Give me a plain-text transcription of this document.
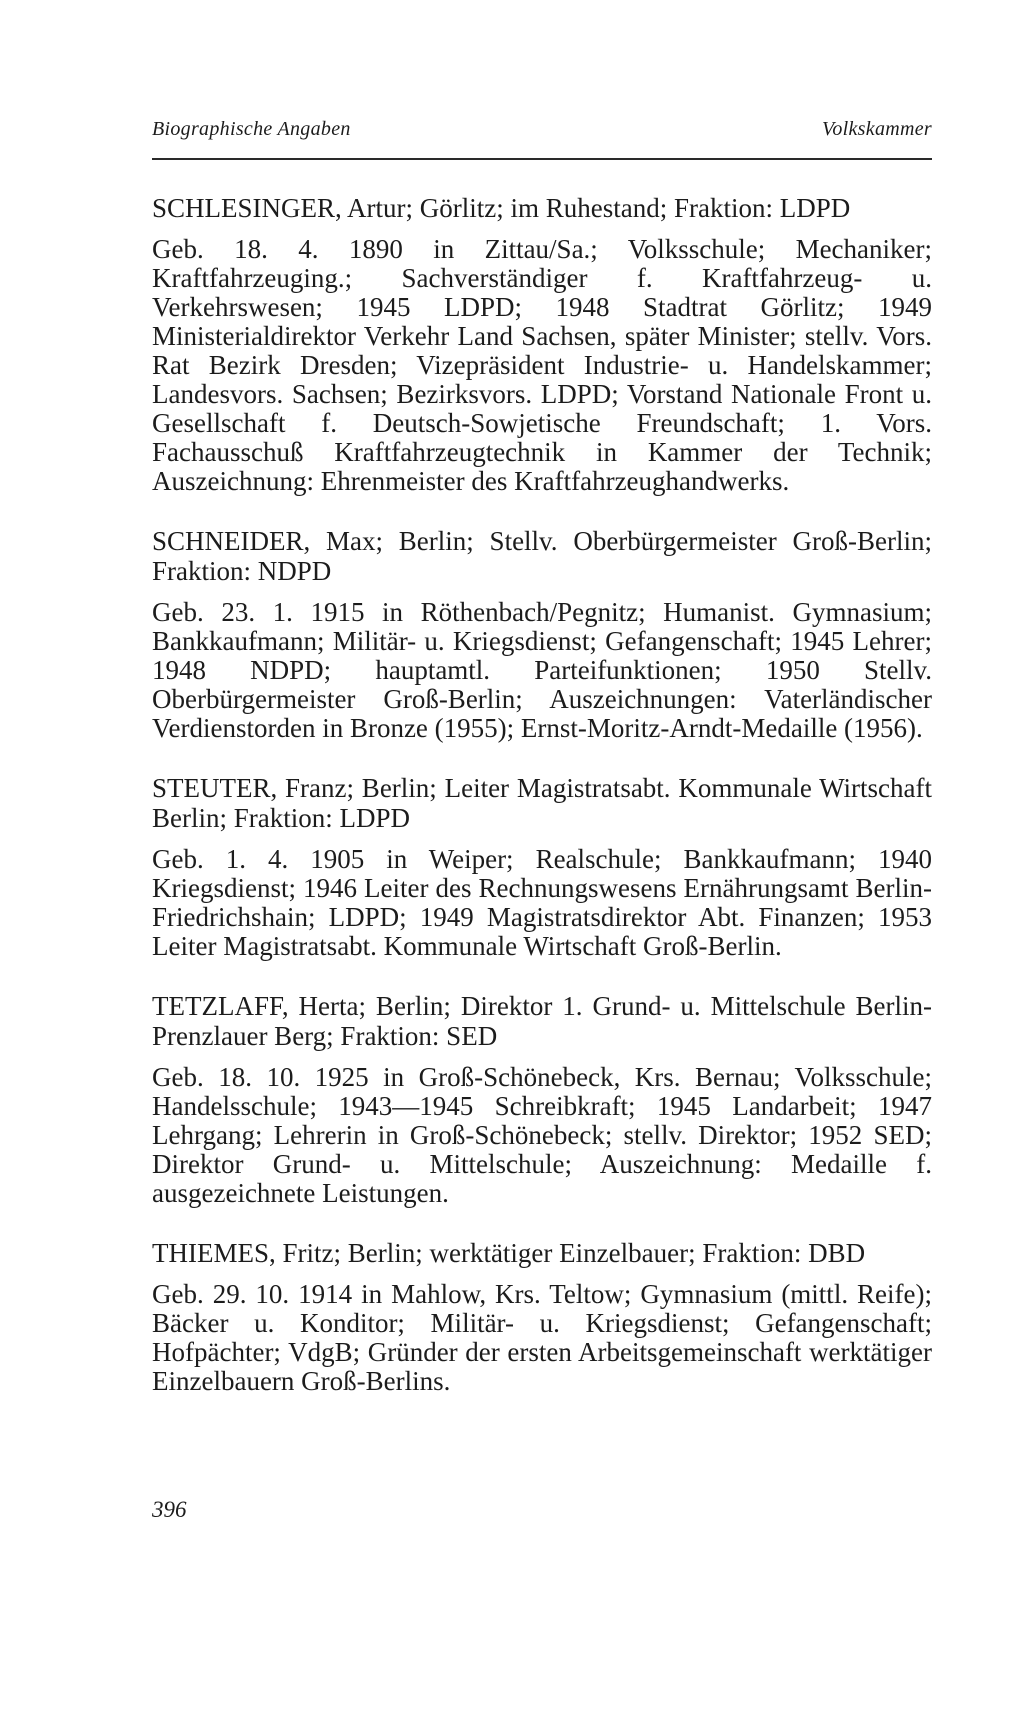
Biographische Angaben	Volkskammer

SCHLESINGER, Artur; Görlitz; im Ruhestand; Fraktion: LDPD

Geb. 18. 4. 1890 in Zittau/Sa.; Volksschule; Mechaniker; Kraftfahrzeuging.; Sachverständiger f. Kraftfahrzeug- u. Verkehrswesen; 1945 LDPD; 1948 Stadtrat Görlitz; 1949 Ministerialdirektor Verkehr Land Sachsen, später Minister; stellv. Vors. Rat Bezirk Dresden; Vizepräsident Industrie- u. Handelskammer; Landesvors. Sachsen; Bezirksvors. LDPD; Vorstand Nationale Front u. Gesellschaft f. Deutsch-Sowjetische Freundschaft; 1. Vors. Fachausschuß Kraftfahrzeugtechnik in Kammer der Technik; Auszeichnung: Ehrenmeister des Kraftfahrzeughandwerks.

SCHNEIDER, Max; Berlin; Stellv. Oberbürgermeister Groß-Berlin; Fraktion: NDPD

Geb. 23. 1. 1915 in Röthenbach/Pegnitz; Humanist. Gymnasium; Bankkaufmann; Militär- u. Kriegsdienst; Gefangenschaft; 1945 Lehrer; 1948 NDPD; hauptamtl. Parteifunktionen; 1950 Stellv. Oberbürgermeister Groß-Berlin; Auszeichnungen: Vaterländischer Verdienstorden in Bronze (1955); Ernst-Moritz-Arndt-Medaille (1956).

STEUTER, Franz; Berlin; Leiter Magistratsabt. Kommunale Wirtschaft Berlin; Fraktion: LDPD

Geb. 1. 4. 1905 in Weiper; Realschule; Bankkaufmann; 1940 Kriegsdienst; 1946 Leiter des Rechnungswesens Ernährungsamt Berlin-Friedrichshain; LDPD; 1949 Magistratsdirektor Abt. Finanzen; 1953 Leiter Magistratsabt. Kommunale Wirtschaft Groß-Berlin.

TETZLAFF, Herta; Berlin; Direktor 1. Grund- u. Mittelschule Berlin-Prenzlauer Berg; Fraktion: SED

Geb. 18. 10. 1925 in Groß-Schönebeck, Krs. Bernau; Volksschule; Handelsschule; 1943—1945 Schreibkraft; 1945 Landarbeit; 1947 Lehrgang; Lehrerin in Groß-Schönebeck; stellv. Direktor; 1952 SED; Direktor Grund- u. Mittelschule; Auszeichnung: Medaille f. ausgezeichnete Leistungen.

THIEMES, Fritz; Berlin; werktätiger Einzelbauer; Fraktion: DBD

Geb. 29. 10. 1914 in Mahlow, Krs. Teltow; Gymnasium (mittl. Reife); Bäcker u. Konditor; Militär- u. Kriegsdienst; Gefangenschaft; Hofpächter; VdgB; Gründer der ersten Arbeitsgemeinschaft werktätiger Einzelbauern Groß-Berlins.

396
